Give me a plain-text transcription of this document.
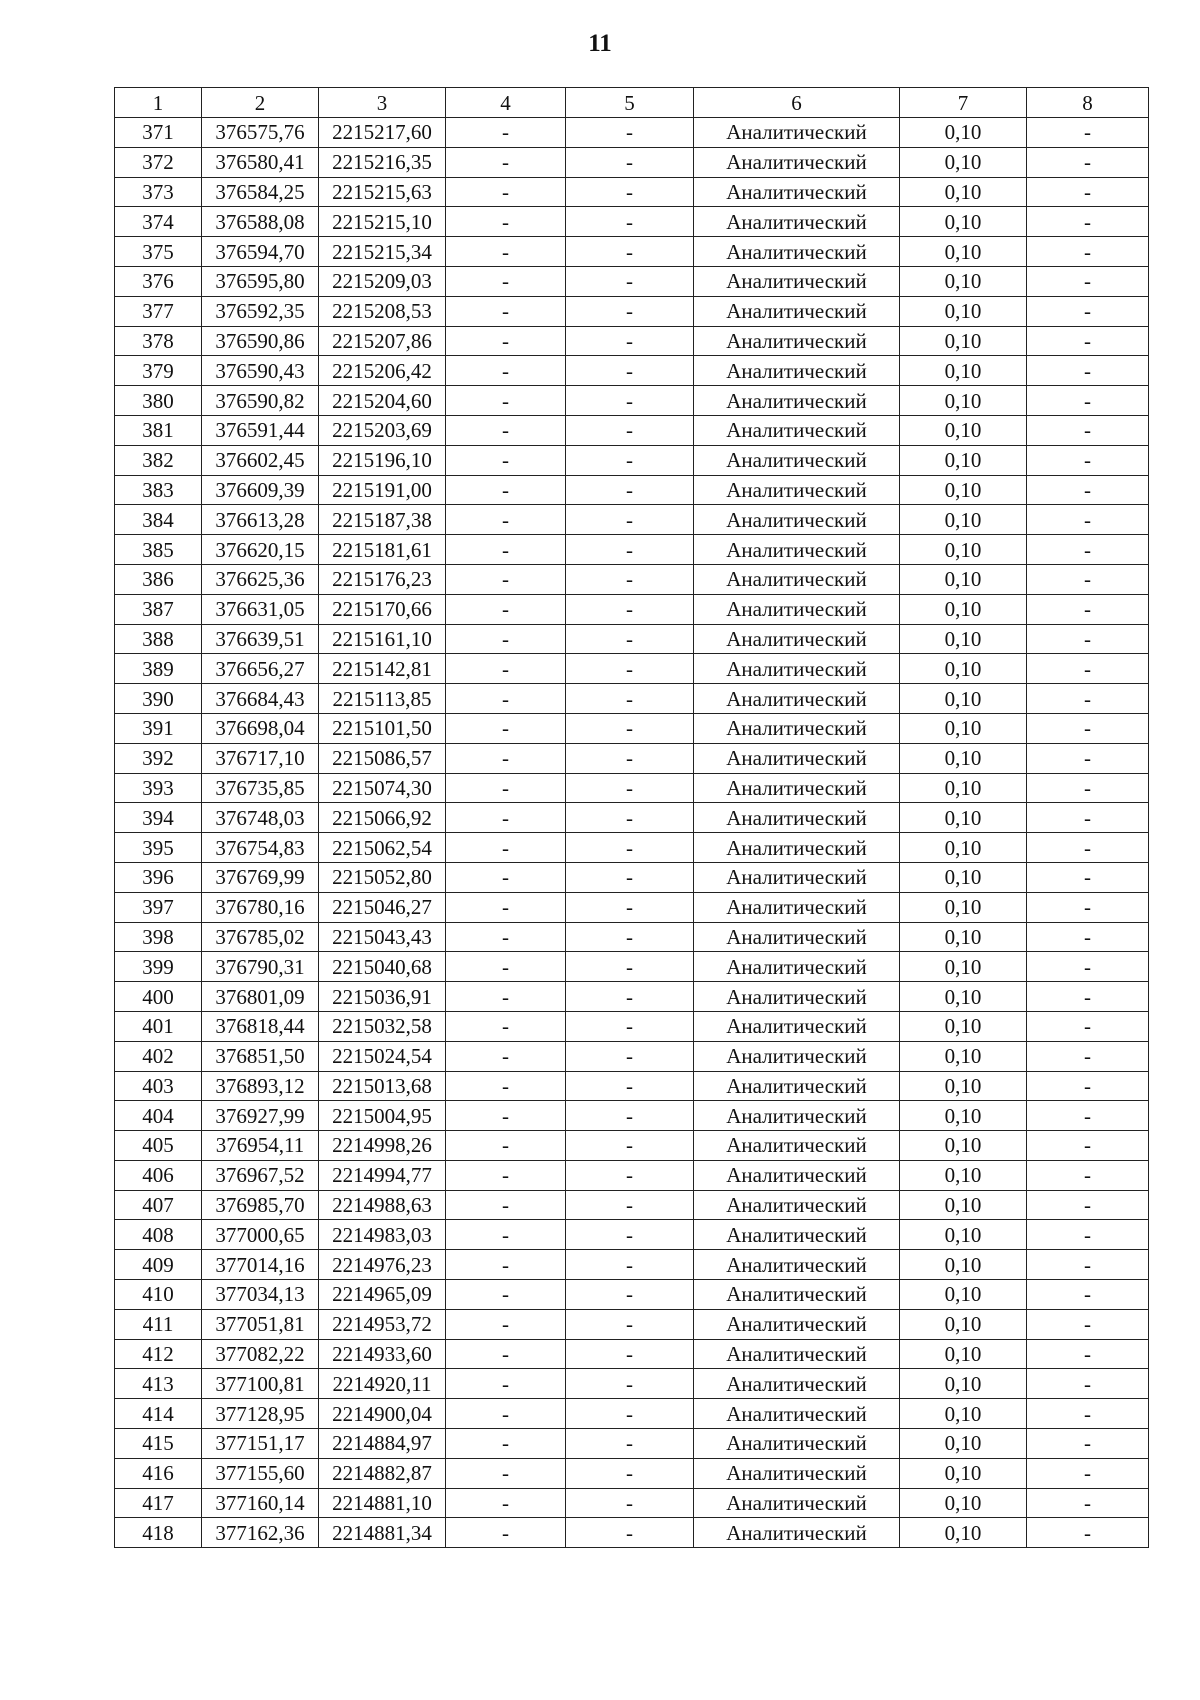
11
1	2	3	4	5	6	7	8
371	376575,76	2215217,60	-	-	Аналитический	0,10	-
372	376580,41	2215216,35	-	-	Аналитический	0,10	-
373	376584,25	2215215,63	-	-	Аналитический	0,10	-
374	376588,08	2215215,10	-	-	Аналитический	0,10	-
375	376594,70	2215215,34	-	-	Аналитический	0,10	-
376	376595,80	2215209,03	-	-	Аналитический	0,10	-
377	376592,35	2215208,53	-	-	Аналитический	0,10	-
378	376590,86	2215207,86	-	-	Аналитический	0,10	-
379	376590,43	2215206,42	-	-	Аналитический	0,10	-
380	376590,82	2215204,60	-	-	Аналитический	0,10	-
381	376591,44	2215203,69	-	-	Аналитический	0,10	-
382	376602,45	2215196,10	-	-	Аналитический	0,10	-
383	376609,39	2215191,00	-	-	Аналитический	0,10	-
384	376613,28	2215187,38	-	-	Аналитический	0,10	-
385	376620,15	2215181,61	-	-	Аналитический	0,10	-
386	376625,36	2215176,23	-	-	Аналитический	0,10	-
387	376631,05	2215170,66	-	-	Аналитический	0,10	-
388	376639,51	2215161,10	-	-	Аналитический	0,10	-
389	376656,27	2215142,81	-	-	Аналитический	0,10	-
390	376684,43	2215113,85	-	-	Аналитический	0,10	-
391	376698,04	2215101,50	-	-	Аналитический	0,10	-
392	376717,10	2215086,57	-	-	Аналитический	0,10	-
393	376735,85	2215074,30	-	-	Аналитический	0,10	-
394	376748,03	2215066,92	-	-	Аналитический	0,10	-
395	376754,83	2215062,54	-	-	Аналитический	0,10	-
396	376769,99	2215052,80	-	-	Аналитический	0,10	-
397	376780,16	2215046,27	-	-	Аналитический	0,10	-
398	376785,02	2215043,43	-	-	Аналитический	0,10	-
399	376790,31	2215040,68	-	-	Аналитический	0,10	-
400	376801,09	2215036,91	-	-	Аналитический	0,10	-
401	376818,44	2215032,58	-	-	Аналитический	0,10	-
402	376851,50	2215024,54	-	-	Аналитический	0,10	-
403	376893,12	2215013,68	-	-	Аналитический	0,10	-
404	376927,99	2215004,95	-	-	Аналитический	0,10	-
405	376954,11	2214998,26	-	-	Аналитический	0,10	-
406	376967,52	2214994,77	-	-	Аналитический	0,10	-
407	376985,70	2214988,63	-	-	Аналитический	0,10	-
408	377000,65	2214983,03	-	-	Аналитический	0,10	-
409	377014,16	2214976,23	-	-	Аналитический	0,10	-
410	377034,13	2214965,09	-	-	Аналитический	0,10	-
411	377051,81	2214953,72	-	-	Аналитический	0,10	-
412	377082,22	2214933,60	-	-	Аналитический	0,10	-
413	377100,81	2214920,11	-	-	Аналитический	0,10	-
414	377128,95	2214900,04	-	-	Аналитический	0,10	-
415	377151,17	2214884,97	-	-	Аналитический	0,10	-
416	377155,60	2214882,87	-	-	Аналитический	0,10	-
417	377160,14	2214881,10	-	-	Аналитический	0,10	-
418	377162,36	2214881,34	-	-	Аналитический	0,10	-
